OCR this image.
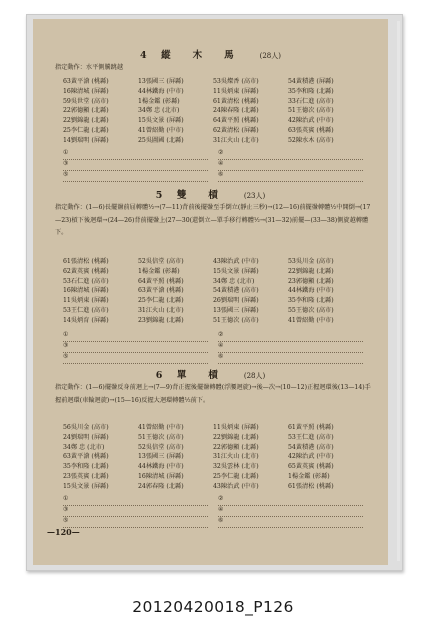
4 縱木馬 (28人)
指定動作：水平側騰跳越
63黃平滄 (桃縣)	13張國三 (屏縣)	53吳燦香 (高市)	54黃積港 (屏縣)
16陳清城 (屏縣)	44林鐵海 (中市)	11吳炳東 (屏縣)	35李和隆 (北縣)
59吳世堂 (高市)	1楊金鑑 (彰縣)	61黃清松 (桃縣)	33石仁進 (高市)
22郭德顯 (北縣)	34鄭 忠 (北市)	24陳春隆 (北縣)	51王德次 (高市)
22劉錦龍 (北縣)	15吳文景 (屏縣)	64黃平照 (桃縣)	42陳治武 (中市)
25李仁龍 (北縣)	41曾紹勤 (中市)	62黃清松 (屏縣)	63張英賓 (桃縣)
14劉瑞明 (屏縣)	25吳圖國 (北縣)	31江火山 (北市)	52陳水木 (高市)
①	②
③	④
⑤	⑥
5 雙槓 (23人)
指定動作：(1—6)長擺盪前屈轉體½→(7—11)背前後擺盪至手倒立(靜止三秒)→(12—16)前擺盪轉體½中開倒→(17—23)槓下後迴環→(24—26)背前擺盪上(27—30(還倒立—單手移行轉體½→(31—32)前擺—(33—38)側旋越轉體下。
61張清松 (桃縣)	52吳信堂 (高市)	43陳治武 (中市)	53吳川金 (高市)
62黃英賓 (桃縣)	1楊金鑑 (彰縣)	15吳文景 (屏縣)	22劉錦龍 (北縣)
53石仁進 (高市)	64黃平照 (桃縣)	34鄭 忠 (北市)	23郭德顯 (北縣)
16陳清城 (屏縣)	63黃平滄 (桃縣)	54黃積港 (高市)	44林鐵海 (中市)
11吳炳東 (屏縣)	25李仁龍 (北縣)	26劉瑞明 (屏縣)	35李和隆 (北縣)
53王仁進 (高市)	31江火山 (北市)	13張國三 (屏縣)	55王德次 (高市)
14吳炳育 (屏縣)	23劉錦龍 (北縣)	51王德次 (高市)	41曾紹勤 (中市)
①	②
③	④
⑤	⑥
6 單槓 (28人)
指定動作：(1—6)擺盪反身前迴上→(7—9)背正握後擺盪轉體(浮腰迴旋)→後—次→(10—12)正握迴環後(13—14)手握前迴環(車輪迴旋)→(15—16)反握大迴環轉體½前下。
56吳川金 (高市)	41曾紹勤 (中市)	11吳炳東 (屏縣)	61黃平照 (桃縣)
24劉瑞明 (屏縣)	51王德次 (高市)	22劉錦龍 (北縣)	53王仁進 (高市)
34鄭 忠 (北市)	52吳信堂 (高市)	22郭德顯 (北縣)	54黃積港 (高市)
63黃平滄 (桃縣)	13張國三 (屏縣)	31江火山 (北市)	42陳治武 (中市)
35李和隆 (北縣)	44林鐵海 (中市)	32吳雲林 (北市)	65黃英賓 (桃縣)
23張英賓 (北縣)	16陳清城 (屏縣)	25李仁龍 (北縣)	1楊金鑑 (彰縣)
15吳文景 (屏縣)	24郭春隆 (北縣)	43陳治武 (中市)	61張清松 (桃縣)
①	②
③	④
⑤	⑥
—120—
20120420018_P126
